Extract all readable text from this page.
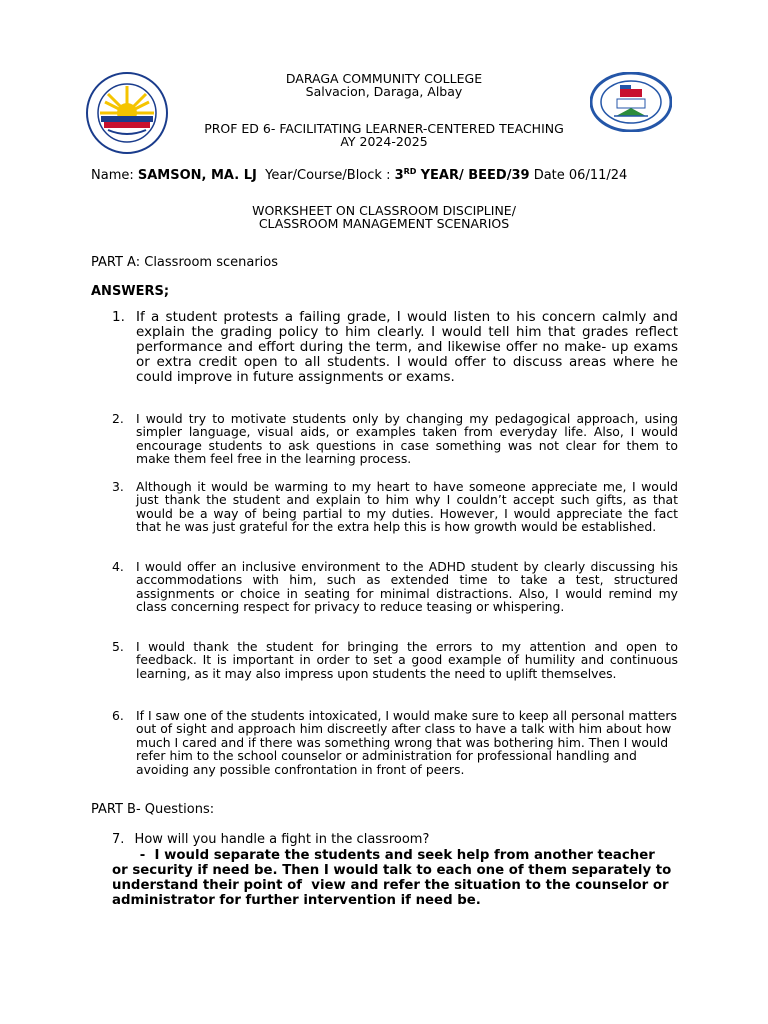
DARAGA COMMUNITY COLLEGE
Salvacion, Daraga, Albay
PROF ED 6- FACILITATING LEARNER-CENTERED TEACHING
AY 2024-2025
Name: SAMSON, MA. LJ Year/Course/Block : 3RD YEAR/ BEED/39 Date 06/11/24
WORKSHEET ON CLASSROOM DISCIPLINE/
CLASSROOM MANAGEMENT SCENARIOS
PART A: Classroom scenarios
ANSWERS;
1. If a student protests a failing grade, I would listen to his concern calmly and explain the grading policy to him clearly. I would tell him that grades reflect performance and effort during the term, and likewise offer no make- up exams or extra credit open to all students. I would offer to discuss areas where he could improve in future assignments or exams.
2. I would try to motivate students only by changing my pedagogical approach, using simpler language, visual aids, or examples taken from everyday life. Also, I would encourage students to ask questions in case something was not clear for them to make them feel free in the learning process.
3. Although it would be warming to my heart to have someone appreciate me, I would just thank the student and explain to him why I couldn’t accept such gifts, as that would be a way of being partial to my duties. However, I would appreciate the fact that he was just grateful for the extra help this is how growth would be established.
4. I would offer an inclusive environment to the ADHD student by clearly discussing his accommodations with him, such as extended time to take a test, structured assignments or choice in seating for minimal distractions. Also, I would remind my class concerning respect for privacy to reduce teasing or whispering.
5. I would thank the student for bringing the errors to my attention and open to feedback. It is important in order to set a good example of humility and continuous learning, as it may also impress upon students the need to uplift themselves.
6. If I saw one of the students intoxicated, I would make sure to keep all personal matters out of sight and approach him discreetly after class to have a talk with him about how much I cared and if there was something wrong that was bothering him. Then I would refer him to the school counselor or administration for professional handling and avoiding any possible confrontation in front of peers.
PART B- Questions:
7. How will you handle a fight in the classroom?
-  I would separate the students and seek help from another teacher or security if need be. Then I would talk to each one of them separately to understand their point of  view and refer the situation to the counselor or administrator for further intervention if need be.
